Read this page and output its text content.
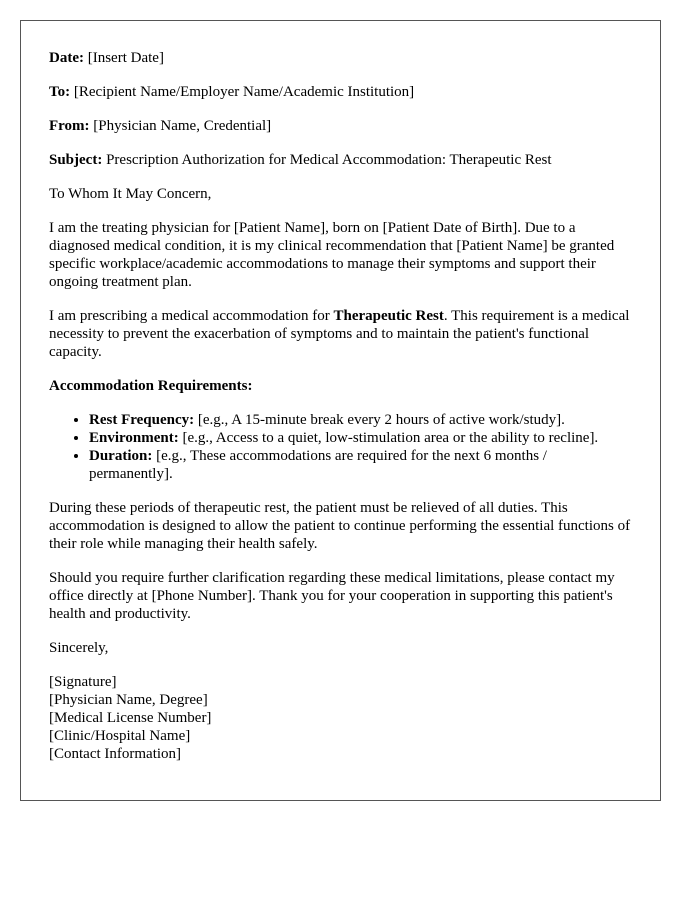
Date: [Insert Date]

To: [Recipient Name/Employer Name/Academic Institution]

From: [Physician Name, Credential]

Subject: Prescription Authorization for Medical Accommodation: Therapeutic Rest

To Whom It May Concern,

I am the treating physician for [Patient Name], born on [Patient Date of Birth]. Due to a diagnosed medical condition, it is my clinical recommendation that [Patient Name] be granted specific workplace/academic accommodations to manage their symptoms and support their ongoing treatment plan.

I am prescribing a medical accommodation for Therapeutic Rest. This requirement is a medical necessity to prevent the exacerbation of symptoms and to maintain the patient's functional capacity.

Accommodation Requirements:

• Rest Frequency: [e.g., A 15-minute break every 2 hours of active work/study].
• Environment: [e.g., Access to a quiet, low-stimulation area or the ability to recline].
• Duration: [e.g., These accommodations are required for the next 6 months / permanently].

During these periods of therapeutic rest, the patient must be relieved of all duties. This accommodation is designed to allow the patient to continue performing the essential functions of their role while managing their health safely.

Should you require further clarification regarding these medical limitations, please contact my office directly at [Phone Number]. Thank you for your cooperation in supporting this patient's health and productivity.

Sincerely,

[Signature]
[Physician Name, Degree]
[Medical License Number]
[Clinic/Hospital Name]
[Contact Information]
